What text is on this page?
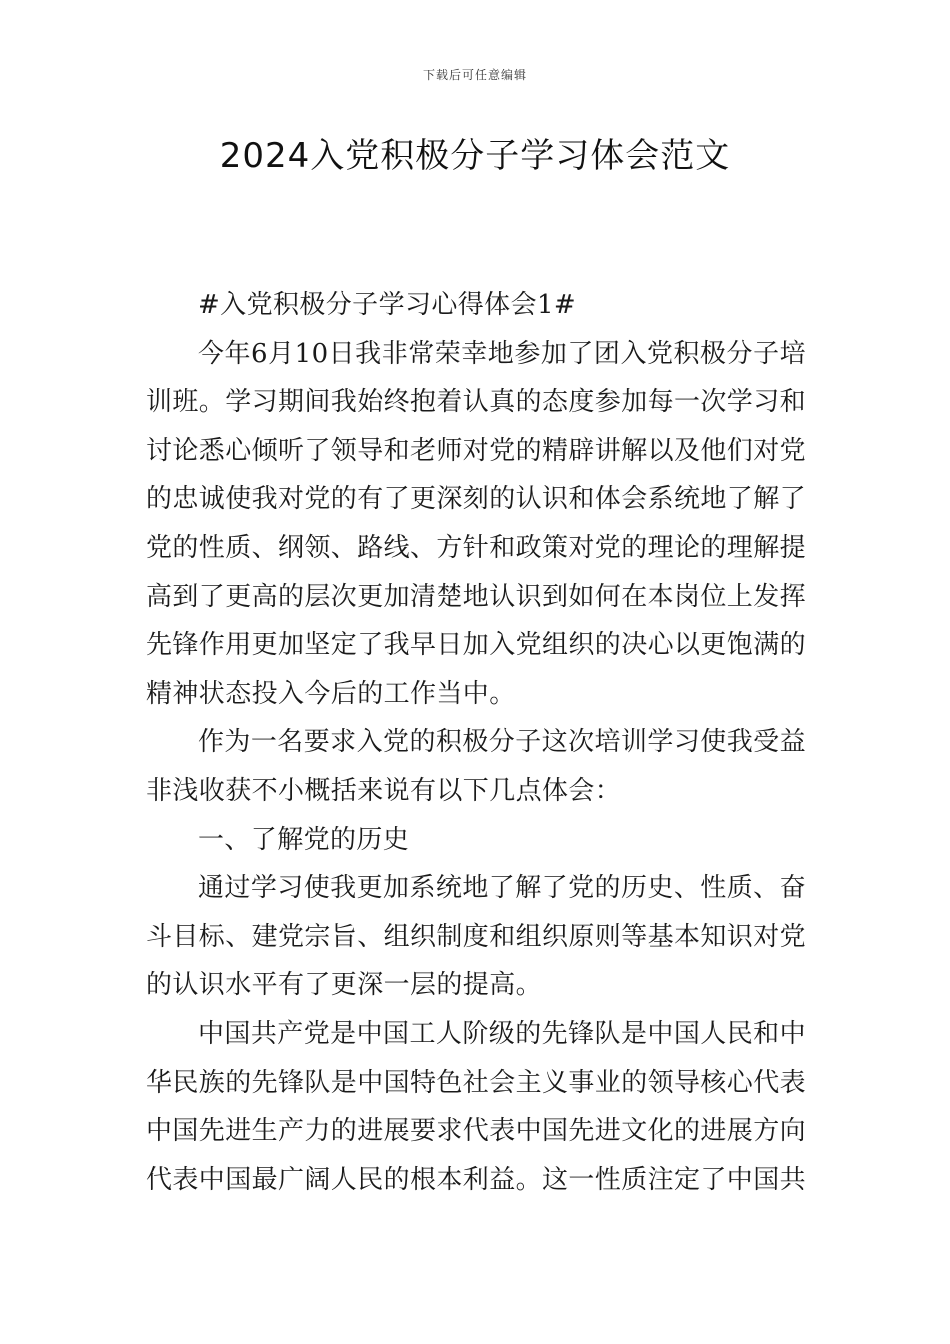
下载后可任意编辑
2024入党积极分子学习体会范文

#入党积极分子学习心得体会1#

今年6月10日我非常荣幸地参加了团入党积极分子培训班。学习期间我始终抱着认真的态度参加每一次学习和讨论悉心倾听了领导和老师对党的精辟讲解以及他们对党的忠诚使我对党的有了更深刻的认识和体会系统地了解了党的性质、纲领、路线、方针和政策对党的理论的理解提高到了更高的层次更加清楚地认识到如何在本岗位上发挥先锋作用更加坚定了我早日加入党组织的决心以更饱满的精神状态投入今后的工作当中。

作为一名要求入党的积极分子这次培训学习使我受益非浅收获不小概括来说有以下几点体会：

一、了解党的历史

通过学习使我更加系统地了解了党的历史、性质、奋斗目标、建党宗旨、组织制度和组织原则等基本知识对党的认识水平有了更深一层的提高。

中国共产党是中国工人阶级的先锋队是中国人民和中华民族的先锋队是中国特色社会主义事业的领导核心代表中国先进生产力的进展要求代表中国先进文化的进展方向代表中国最广阔人民的根本利益。这一性质注定了中国共
